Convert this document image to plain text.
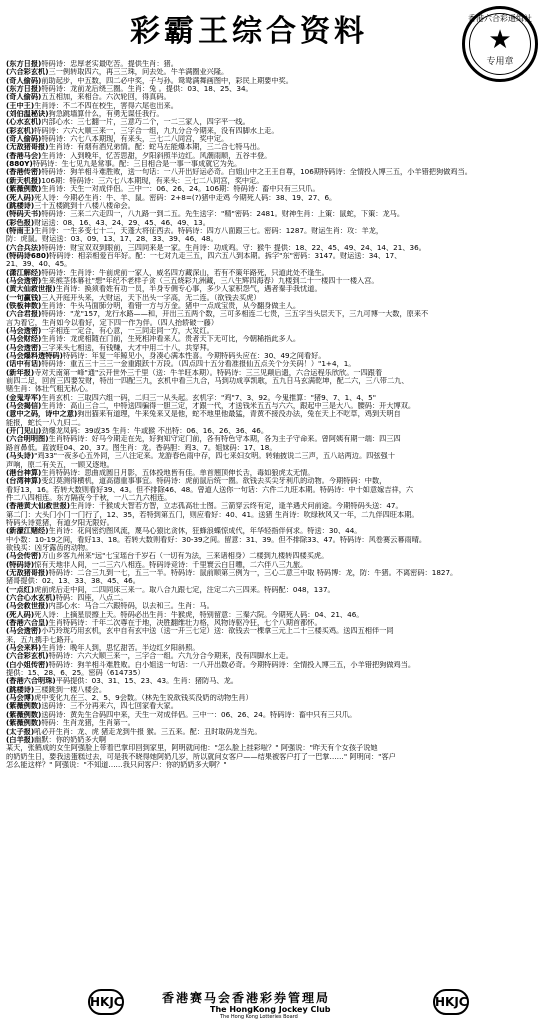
彩霸王综合资料	香港六合彩通缉社
★
专用章
(东方日报)特码诗：忠厚老实最吃苦。提供生肖：猪。
(六合彩玄机)三一例转取四六，再三三珠，问去处。牛羊满圈业兴隆。
(奇人偷码)前助起步，中五数，四二必中奖，子与孙。鸳鸯满舞画图中，彩民上期要中奖。
(东方日报)特码诗：龙前龙后绕三圈。生肖：兔 。提供：03、18、25、34。
(奇人偷码)五五相加，来相合。六次轮回，得真码。
(王中王)生肖诗：不二不四在校生，害得六尾也出来。
(刘伯温秘诀)狗急跳墙算什么，有勇无谋任我行。
(心水玄机)内部心水：三七翻一片，三意巧二个，一二三家人，四字平一线。
(彩玄机)特码诗：六六大顺三来一，三字合一组，九九分合今期来，没有四脚水上走。
(奇人偷码)特码诗：六七八本期现，有来头，三七二八同宫，奖中定。
(无敌猪哥报)生肖诗：有烟有酒兄弟情。配：蛇马左能爆本期，三二合七特马出。
(香港马会)生肖诗：入到晚年，忆苦思甜，夕阳斜照半边红。风潮雨顺，五谷丰登。
(880Y)特码诗：生七见九是常事。配：三目相合是一事一事成就它为先。
(香港传密)特码诗：狗羊相斗难胜败，送一句话：一八开出好运必奇。白姐山中之王王自尊，106期特码诗：全情投入博三五，小羊错把狗做鸡当。
(新天机报)106期：特码诗：三六七八本期现，有来头：三七二八同宫，奖中定。
(紫薇例数)生肖诗：天生一对成伴侣。三中一：06、26、24。106期：特码诗：畜中只有三只爪。
(死人码)死人诗：今期必生肖：牛、羊、鼠。密码：2+8=(?)猪中走鸡 今期死人码：38、19、27、6。
(跳楼诗)三十五楼跳到十八楼八楼命会。
(特码天书)特码诗：三来二六走四一，八九路一到二五。先生送字："精"密码：2481。财神生肖：上策：鼠蛇，下策：龙马。
(彩色报)财运送：08、16、43、24、29、45、46、49、13。
(特南王)生肖诗：一生多变七十二，天蓬大将征西去。特码诗：四方八面跟三七。密码：1287。财运生肖：攻：羊龙，
防：虎鼠。财运送：03、09、13、17、28、33、39、46、48。
(六合兵法)特码诗：财宝双双到眼前，三四同来是一家。生肖诗：功成鸡。守：猴牛 提供：18、22、45、49、24、14、21、36。
(特码诗680)特码诗：相亲相爱百年好。配：一七对九走三五，四六五八到本期。拆字"东"密码：3147。财运送：34、17、
21、39、40、45。
(潇江解经)特码诗：生肖诗：牛前虎前一家人，威名四方藏深山，若有不策年路死，只道此处不逢生。
(马会透密)生来熊茎体幕社"想"年纪不老样子贪（三五烧彩九洲藏，三八生辉四海春）九楼到二十一楼四十一楼入宫。
(黄大仙救世报)生肖诗：换须看姓有功一员，半身专侧专心事，多少人家积怨气，遇者秦手我忧道。
(一句赢钱)三入开庭开头来，大财运，天下出头一字高，无二连。（欲钱去买虎）
(铁板神数)生肖诗：牛头马面肺分明，看错一方与万金。猪中一点成宝贵，从今翻身做主人。
(六合君报)特码诗："龙"157，龙行水路——和，开出三五两个数，三可多相连二七贵，三五字当头层天下，三九可博一大数，原来不
言为着它，生肖如今以看好，定下四一作为伴。（四人抬轿破一藤）
(马会透密)一字相连一定合，有心意，一三同走同一方，大发红。
(马会财经)生肖诗：龙虎相随在门前，生死相冲看来人。贵者天下无可比，今朝稀指此多人。
(马会透密)三字来头七相送，有钱赚，大才中用二十八，共穿拜。
(马会爆料透特码)特码诗：年复一年鲸见小，身凑心满本性喜。今期特码头应在：30、49之间看好。
(话中有话)特码诗：重五三十三三一金重跟跃十万段。（四点四十五分看准报仙五点关个分关码！）"1+4，1。
(新年报)寺对天南第一峰"通"云开世外三千里（送：牛羊旺本期）。特码诗：三三见颠后遗，六合运程乐欣欣。一四跟着
前四二足，回首三四要发财，特出一四配三九，玄机中看三九合，马到功成享凯歌，五九日马玄满乾坤，配二六，三八带二九、
赌生肖：体壮气粗无私心。
(金鬼寿军)生肖玄机：三取四六组一码，二归三一从头起。玄机字："鸡"7、3、92。今鬼推算："猪9、7、1、4、5"
(马会揭信)生肖诗：高山三合二，中特送四骗得一胆三定，才跟一代，才送钱米五五与六六，跟起中三是大八。腰码：开大博双。
(意中之码，诗中之意)狗出猫来有道理，牛来兔来又是他，蛇不地里他最猛，青黄不接没办法，兔在天上不吃草，鸡到天明自
能报，蛇长一八九归二。
(开门见山)劲爆龙凤码：39或35 生肖：牛或猴 不出特：06、16、26、36、46。
(六合明明图)生肖特码诗：好马今期走在先，好狗知守定门前，各有特色守本期，各为主子守命来。曾阿姨有期一端：四三四
路首鼻低。蓝波旺04、20、37。图生肖：龙。香码胆：鸡3、7。姐妹码：17、18。
(马头诗)"鸡33"一夜多心五外同，三八注定来。龙游春色雨中存，四七来妇女明。转轴披说二三声，五八站两边。四弦强十
声响，原二有关五，一顾又逐地。
(港台神算)生肖特码诗：思曲成圆日月影，五体投地皆有佳。单首翘顶伸长舌，毒如狼虎太无情。
(台湾神算)变幻莫测得横机，道高德重事事宜。特码诗：虎前鼠后统一圈。欲钱去买尖牙利爪的动物。今期特码：中数，
看好13，16。若转大数则看好39、43。但不排除46、48。曾道人送你一句话：六件二九旺本期。特码诗：中十如意嫁吉祥，六
件二八四相连。东方隔夜今千秋，一八二九六相连。
(香港黄大仙救世报)生肖诗：千猴成大智若方智，立志孤高壮士图。三箭穿云终有定，逢羊遇犬问前途。今期特码头送：47。
第二门：大头门小门一门行了，12、35，若特到第五门，则应看好：40、41。送猪 生肖诗：吹绿秋风又一年，二九伴四旺本期。
特码头诗竟猪，有道夕阳无限好。
(新濠江赌经)生肖诗：花间密约图风流，蔑马心猿比贪休，狂蜂浪蝶惊成代，年华轻指伴何求。特送：30、44。
中小数：10-19之间，看好13、18。若转大数则看好：30-39之间。留意：31、39。但不排除33、47。特码诗：风卷赛云幕雨晴。
欲钱买：凶牙露齿的动物。
(马会传密)万山乡客九州来"远"七宝瑶台千岁石（一切有为法，三来诸相身）二楼到九楼转四楼买虎。
(特码诗)惊有天地非人间，一二三六八相连。特码诗竞诗：千里寰云白日曛，二六伴八三九旅。
(无敌猪哥报)特码诗：二合三九到一七，五三一半。特码诗：鼠前顺第三例为一，三心二意三中取 特码博：龙，防：牛猪。不离密码：1827。
猪哥提供：02、13、33、38、45、46。
(一点红)虎前虎后走中间，二四同床三来一。取八合九跟七定，注定二六三四来。特码配：048，137。
(六合心水玄机)特码：四座，八点二。
(马会救世报)内部心水：马合二六跟特码，以去和三。生肖：马。
(死人码)死人诗：上摘星辰擦上天。特码必出生肖：牛猴虎，特别留意：三秦六院。今期死人码：04、21、46。
(香港六合皇)生肖特码诗：千年二次尊在于地，决胜翻维壮力格，风物诗驱冷狂，七个八期首都怀。
(马会透密)小巧玲珑巧用玄机，玄中自有玄中送（送一开三七定）送：欲钱去一棵拿三元上二十三楼买鸡。送四五相伴一同
来，五九携手七路开。
(马会来料)生肖诗：晚年人到，思忆甜苦。半边红夕阳斜照。
(六合彩玄机)特码诗：六六大顺三来一，三字合一组。六九分合今期来，没有四脚水上走。
(白小姐传密)特码诗：狗羊相斗难胜败。白小姐送一句话：一八开出数必奇。今期特码诗：全情投入博三五，小羊错把狗做鸡当。
提供：15、28、6、25。密码（614735）
(香港六合明珠)平码提供：03、31、15、23、43。生肖：猪防马、龙。
(跳楼诗)三楼跳到一楼八楼会。
(马会博)虎中变化九在三、2、5、9会数。（林先生说欲钱买没奶的动物生肖）
(紫薇例数)送码诗：三不分再来六，四七回家看大家。
(紫薇例数)送码诗：黄先生合码四中来，天生一对成伴侣。三中一：06、26、24。特码诗：畜中只有三只爪。
(紫薇例数)特码：生肖龙猪，生肖第一。
(太子报)吼必开生肖：龙、虎 猪走龙到牛报 猴。三五来。配：丑时取码龙当先。
(白羊报)幽默：你的奶奶多大啊
某天，张鹤成的女生阿强脸上带着巴掌印回到家里，阿明就问他："怎么脸上挂彩啦？" 阿强说："昨天有个女孩子说她
的奶奶生日，要我送蛋糕过去，可是我不晓得她阿奶几岁，所以就问女客户——结果被客户打了一巴掌……" 阿明问："客户
怎么能这样？" 阿强说："不知道……我只问客户：你的奶奶多大啊？"
HKJC	香港赛马会香港彩券管理局
The HongKong Jockey Club
The Hong Kong Lotteries Board
HKJC
